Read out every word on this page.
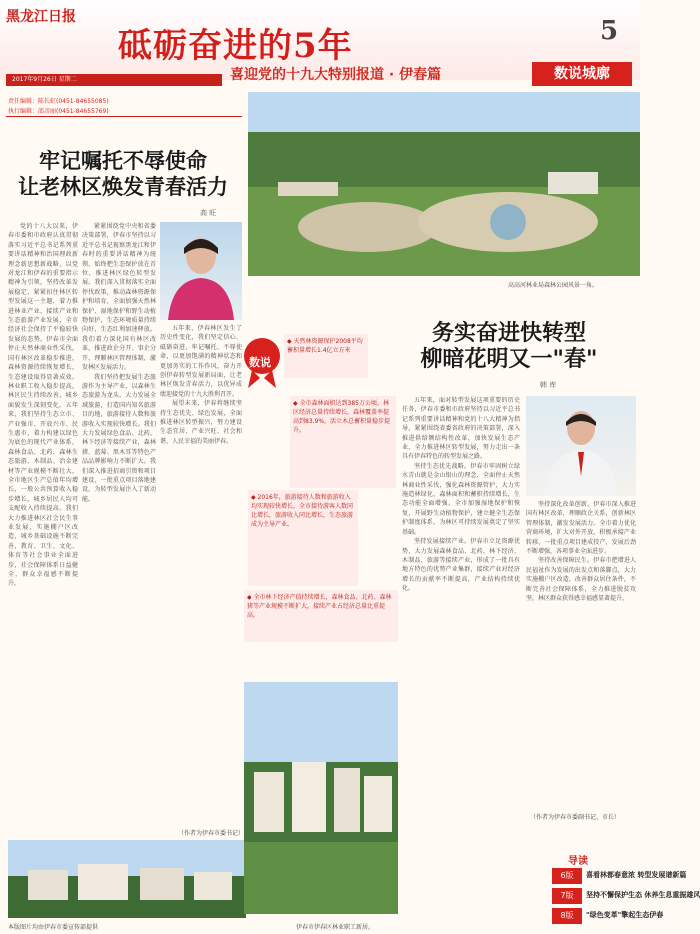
黑龙江日报
砥砺奋进的5年	5
喜迎党的十九大特别报道 · 伊春篇
2017年9月26日 星期二	数说城廓
责任编辑：陈长虹(0451-84655085)
执行编辑：邵彦丽(0451-84655769)
牢记嘱托不辱使命
让老林区焕发青春活力
高 旺

党的十八大以来，伊春市委和市政府认真贯彻落实习近平总书记系列重要讲话精神和治国理政新理念新思想新战略，以党对龙江和伊春的重要指示精神为引领，坚持改革发展稳定，紧紧扣住林区转型发展这一主题，着力推进林业产业、接续产业和生态旅游产业发展，全市经济社会保持了平稳较快发展的态势。伊春市全面停止天然林商业性采伐，国有林区改革稳步推进，森林资源持续恢复增长，生态建设取得显著成效。林业职工收入稳步提高，林区民生持续改善，城乡面貌发生深刻变化。五年来，我们坚持生态立市、产业强市、开放兴市、民生惠市，着力构建以绿色为底色的现代产业体系，森林食品、北药、森林生态旅游、木制品、冶金建材等产业规模不断壮大，全市地区生产总值年均增长，一般公共预算收入稳步增长，城乡居民人均可支配收入持续提高。我们大力推进林区社会民生事业发展，实施棚户区改造，城乡基础设施不断完善，教育、卫生、文化、体育等社会事业全面进步，社会保障体系日益健全，群众幸福感不断提升。

紧紧围绕党中央和省委决策部署，伊春市坚持以习近平总书记视察黑龙江和伊春时的重要讲话精神为统领，始终把生态保护放在首位，推进林区绿色转型发展。我们深入贯彻落实全面停伐政策，推动森林资源保护和培育，全面加强天然林保护、湿地保护和野生动植物保护，生态环境质量持续向好，生态红利加速释放。我们着力深化国有林区改革，推进政企分开、事企分开，理顺林区管理体制，激发林区发展活力。

我们坚持把发展生态旅游作为主导产业，以森林生态旅游为龙头，大力发展全域旅游，打造国内知名旅游目的地，旅游接待人数和旅游收入实现较快增长。我们大力发展绿色食品、北药、林下经济等接续产业，森林猪、蓝莓、黑木耳等特色产品品牌影响力不断扩大。我们深入推进招商引资和项目建设，一批重点项目落地建设，为转型发展注入了新动能。

五年来，伊春林区发生了历史性变化，我们坚定信心、砥砺奋进，牢记嘱托、不辱使命，以更加饱满的精神状态和更加务实的工作作风，奋力开创伊春转型发展新局面，让老林区焕发青春活力，以优异成绩迎接党的十九大胜利召开。

展望未来，伊春将继续坚持生态优先、绿色发展，全面推进林区转型振兴，努力建设生态宜居、产业兴旺、社会和谐、人民幸福的美丽伊春。

（作者为伊春市委书记）
高高河林业局森林公园风景一角。
数说
◆ 天然林资源保护2008平均蓄积量增长1.4亿立方米
◆ 全市森林面积达到385万公顷，林区经济总量持续增长，森林覆盖率提高到83.9%，活立木总蓄积量稳步提升。
◆ 2016年，旅游接待人数和旅游收入均实现较快增长，全市接待游客人数同比增长，旅游收入同比增长，生态旅游成为主导产业。
◆ 全市林下经济产值持续增长，森林食品、北药、森林猪等产业规模不断扩大，接续产业占经济总量比重提高。
本版图片均由伊春市委宣传部提供
务实奋进快转型
柳暗花明又一"春"
韩 库

五年来，面对转型发展这项重要的历史任务，伊春市委和市政府坚持以习近平总书记系列重要讲话精神和党的十八大精神为指导，紧紧围绕省委省政府的决策部署，深入推进供给侧结构性改革，加快发展生态产业，全力推进林区转型发展，努力走出一条具有伊春特色的转型发展之路。

坚持生态优先战略。伊春市牢固树立绿水青山就是金山银山的理念，全面停止天然林商业性采伐，强化森林资源管护，大力实施造林绿化，森林面积和蓄积持续增长，生态功能全面增强。全市加强湿地保护和恢复，开展野生动植物保护，建立健全生态保护制度体系，为林区可持续发展奠定了坚实基础。

坚持发展接续产业。伊春市立足资源优势，大力发展森林食品、北药、林下经济、木制品、旅游等接续产业，形成了一批具有地方特色的优势产业集群，接续产业对经济增长的贡献率不断提高，产业结构持续优化。

坚持深化改革创新。伊春市深入推进国有林区改革，理顺政企关系，创新林区管理体制，激发发展活力。全市着力优化营商环境，扩大对外开放，积极承接产业转移，一批重点项目建成投产，发展后劲不断增强，各项事业全面进步。

坚持改善保障民生。伊春市把增进人民福祉作为发展的出发点和落脚点，大力实施棚户区改造，改善群众居住条件，不断完善社会保障体系，全力推进脱贫攻坚，林区群众获得感幸福感显著提升。

（作者为伊春市委副书记、市长）
伊春市伊春区林业职工新居。
导读
6版	喜看林都春意浓 转型发展谱新篇
7版	坚持不懈保护生态 休养生息重振雄风
8版	"绿色变革"擎起生态伊春
